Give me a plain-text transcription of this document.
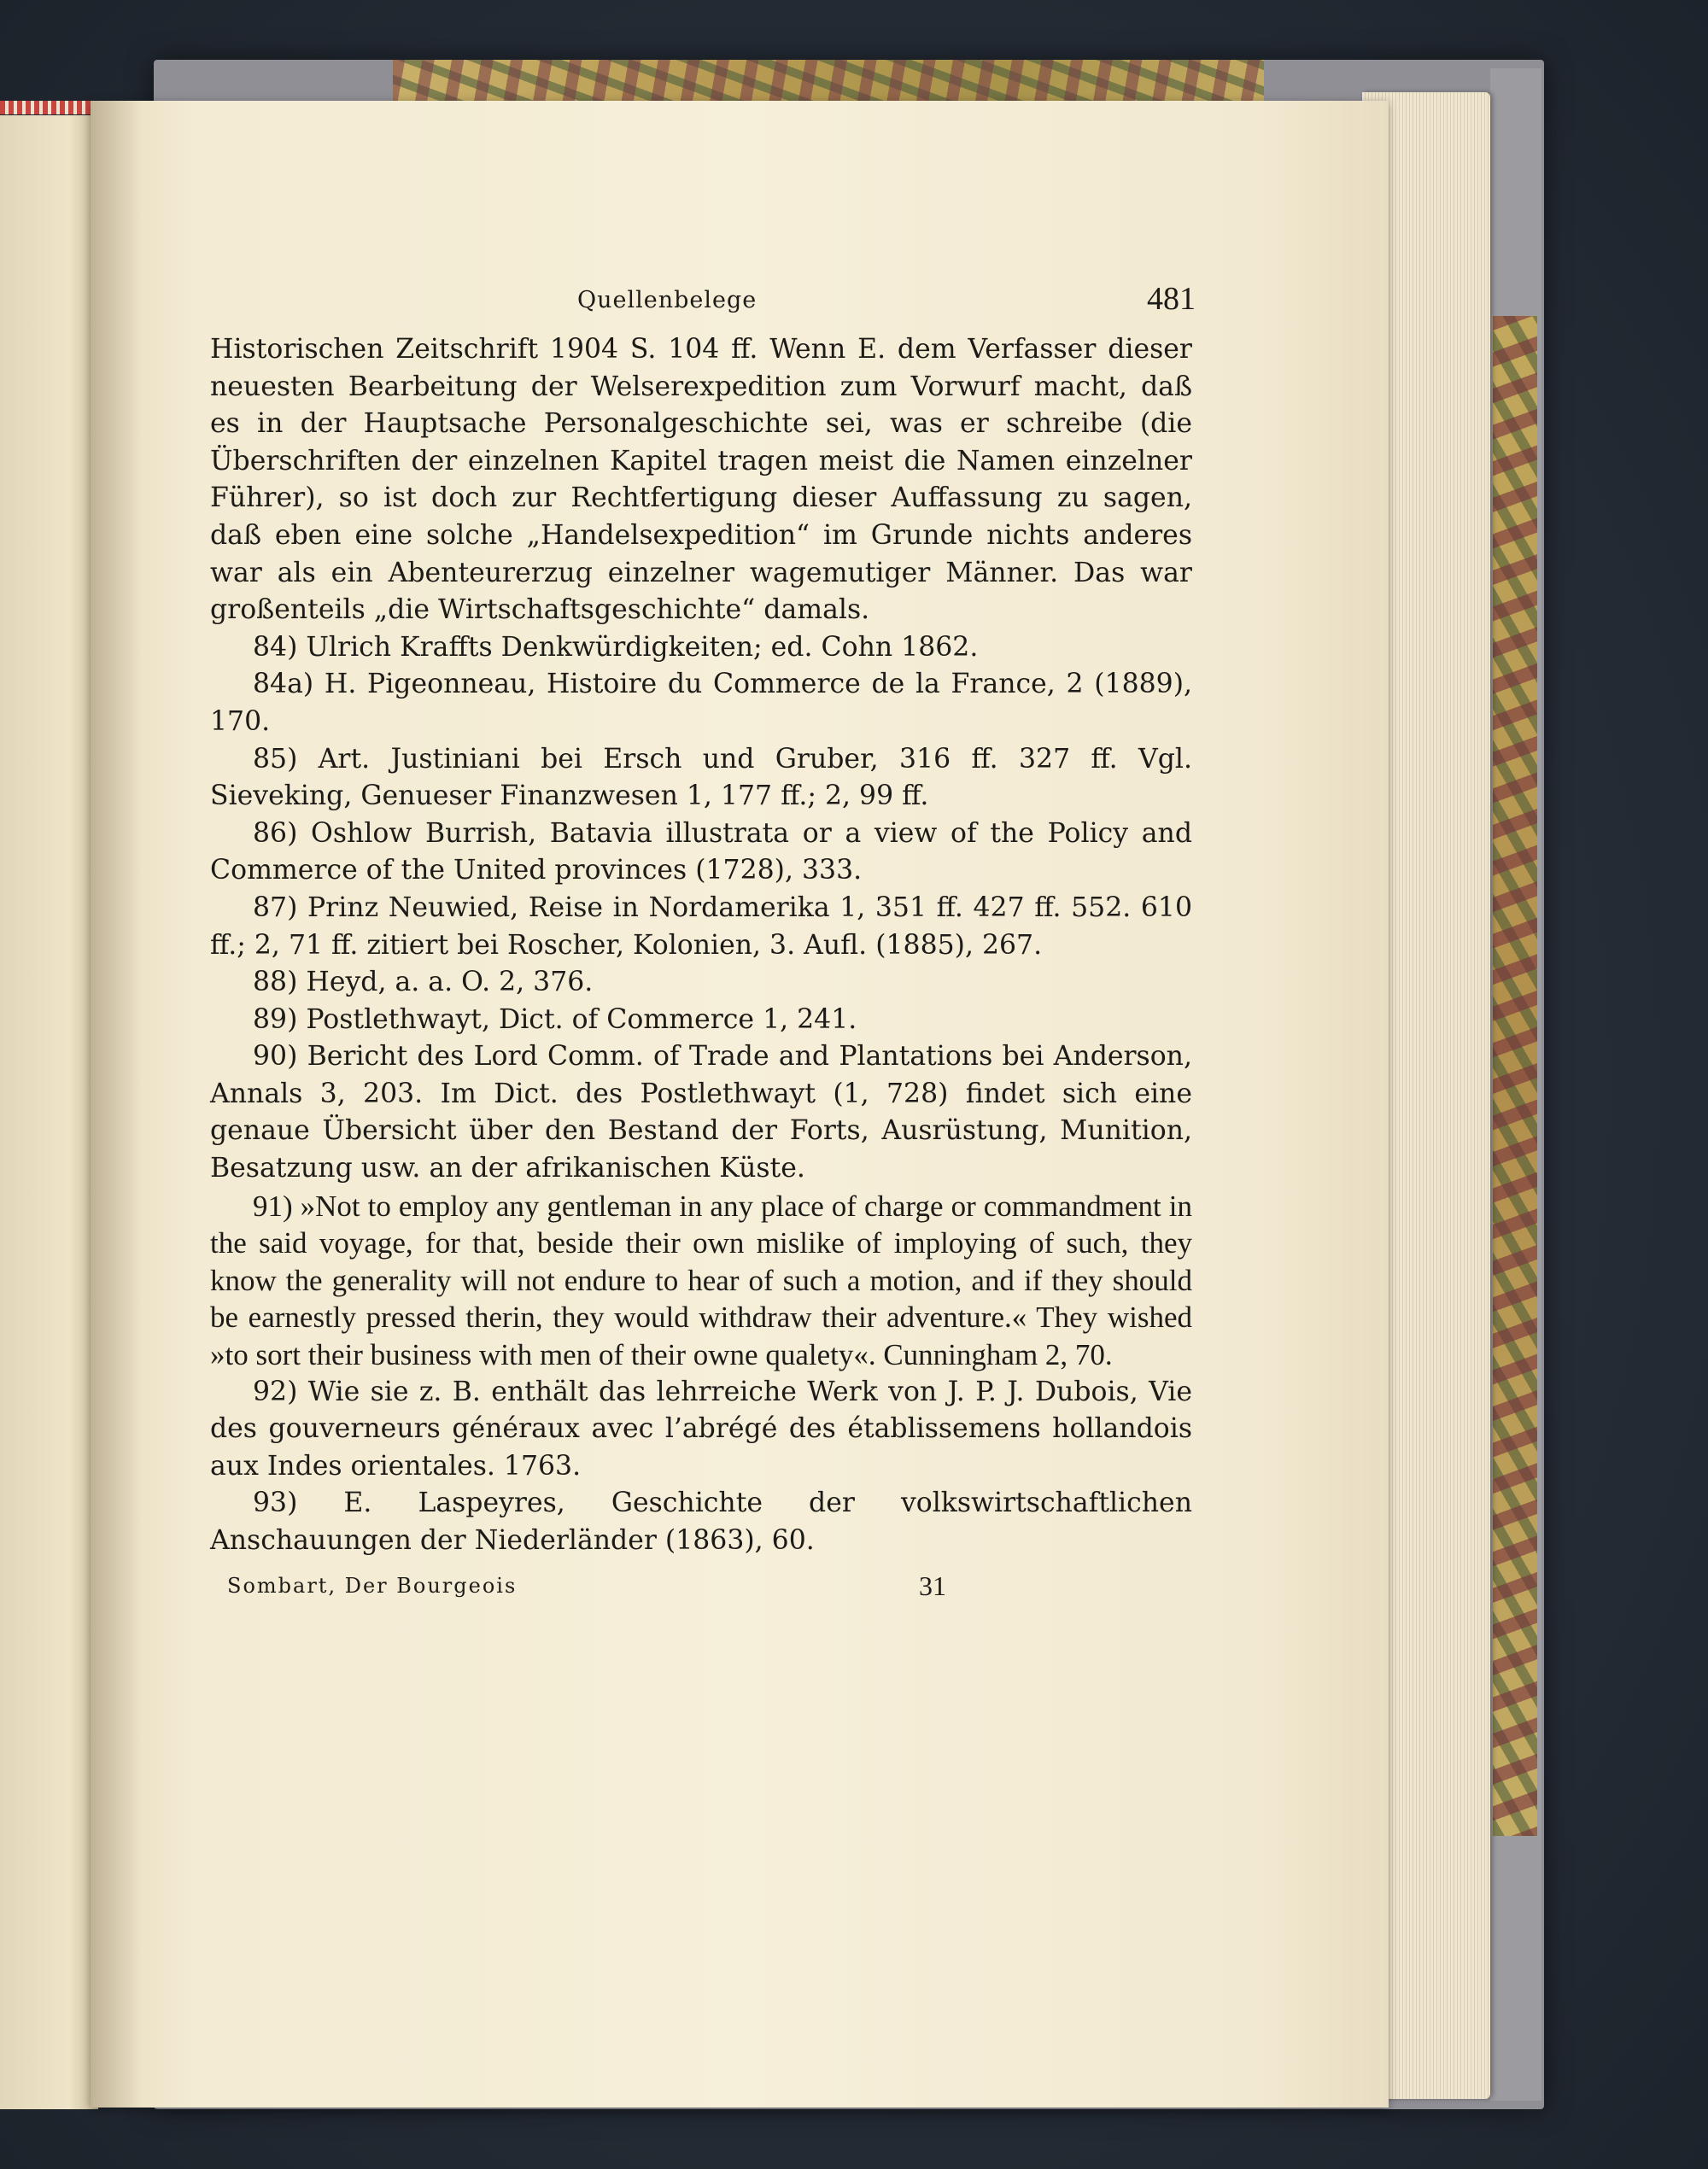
Quellenbelege	481

Historischen Zeitschrift 1904 S. 104 ff. Wenn E. dem Verfasser dieser neuesten Bearbeitung der Welserexpedition zum Vorwurf macht, daß es in der Hauptsache Personalgeschichte sei, was er schreibe (die Überschriften der einzelnen Kapitel tragen meist die Namen einzelner Führer), so ist doch zur Rechtfertigung dieser Auffassung zu sagen, daß eben eine solche „Handelsexpedition“ im Grunde nichts anderes war als ein Abenteurerzug einzelner wagemutiger Männer. Das war großenteils „die Wirtschaftsgeschichte“ damals.

84) Ulrich Kraffts Denkwürdigkeiten; ed. Cohn 1862.

84a) H. Pigeonneau, Histoire du Commerce de la France, 2 (1889), 170.

85) Art. Justiniani bei Ersch und Gruber, 316 ff. 327 ff. Vgl. Sieveking, Genueser Finanzwesen 1, 177 ff.; 2, 99 ff.

86) Oshlow Burrish, Batavia illustrata or a view of the Policy and Commerce of the United provinces (1728), 333.

87) Prinz Neuwied, Reise in Nordamerika 1, 351 ff. 427 ff. 552. 610 ff.; 2, 71 ff. zitiert bei Roscher, Kolonien, 3. Aufl. (1885), 267.

88) Heyd, a. a. O. 2, 376.

89) Postlethwayt, Dict. of Commerce 1, 241.

90) Bericht des Lord Comm. of Trade and Plantations bei Anderson, Annals 3, 203. Im Dict. des Postlethwayt (1, 728) findet sich eine genaue Übersicht über den Bestand der Forts, Ausrüstung, Munition, Besatzung usw. an der afrikanischen Küste.

91) »Not to employ any gentleman in any place of charge or commandment in the said voyage, for that, beside their own mislike of imploying of such, they know the generality will not endure to hear of such a motion, and if they should be earnestly pressed therin, they would withdraw their adventure.« They wished »to sort their business with men of their owne qualety«. Cunningham 2, 70.

92) Wie sie z. B. enthält das lehrreiche Werk von J. P. J. Dubois, Vie des gouverneurs généraux avec l’abrégé des établissemens hollandois aux Indes orientales. 1763.

93) E. Laspeyres, Geschichte der volkswirtschaftlichen Anschauungen der Niederländer (1863), 60.

Sombart, Der Bourgeois	31
